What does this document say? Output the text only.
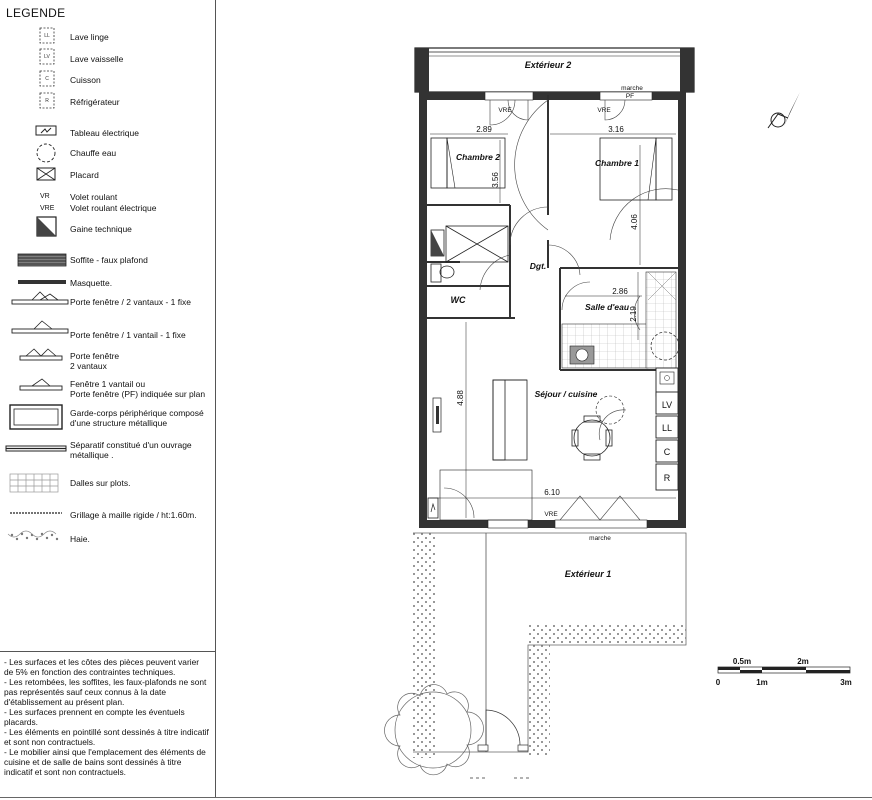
LEGENDE
LL
LV
C
R
Lave linge
Lave vaisselle
Cuisson
Réfrigérateur
Tableau électrique
Chauffe eau
Placard
VR
VRE
Volet roulant
Volet roulant électrique
Gaine technique
Soffite - faux plafond
Masquette.
Porte fenêtre / 2 vantaux - 1 fixe
Porte fenêtre / 1 vantail - 1 fixe
Porte fenêtre
2 vantaux
Fenêtre 1 vantail ou
Porte fenêtre (PF) indiquée sur plan
Garde-corps périphérique composé
d'une structure métallique
Séparatif constitué d'un ouvrage
métallique .
Dalles sur plots.
Grillage à maille rigide / ht:1.60m.
Haie.
- Les surfaces et les côtes des pièces peuvent varier de 5% en fonction des contraintes techniques.
- Les retombées, les soffites, les faux-plafonds ne sont pas représentés sauf ceux connus à la date d'établissement au présent plan.
- Les surfaces prennent en compte les éventuels placards.
- Les éléments en pointillé sont dessinés à titre indicatif et sont non contractuels.
- Le mobilier ainsi que l'emplacement des éléments de cuisine et de salle de bains sont dessinés à titre indicatif et sont non contractuels.
Extérieur 2
WC
LV
LL
C
R
2.89	3.16
3.56
4.06
2.86
2.19
4.88
6.10
VRE	VRE
marche
PF
VRE
marche
Chambre 2
Chambre 1
Dgt.
Salle d'eau
Séjour / cuisine
Extérieur 1
0.5m	2m
0	1m	3m
